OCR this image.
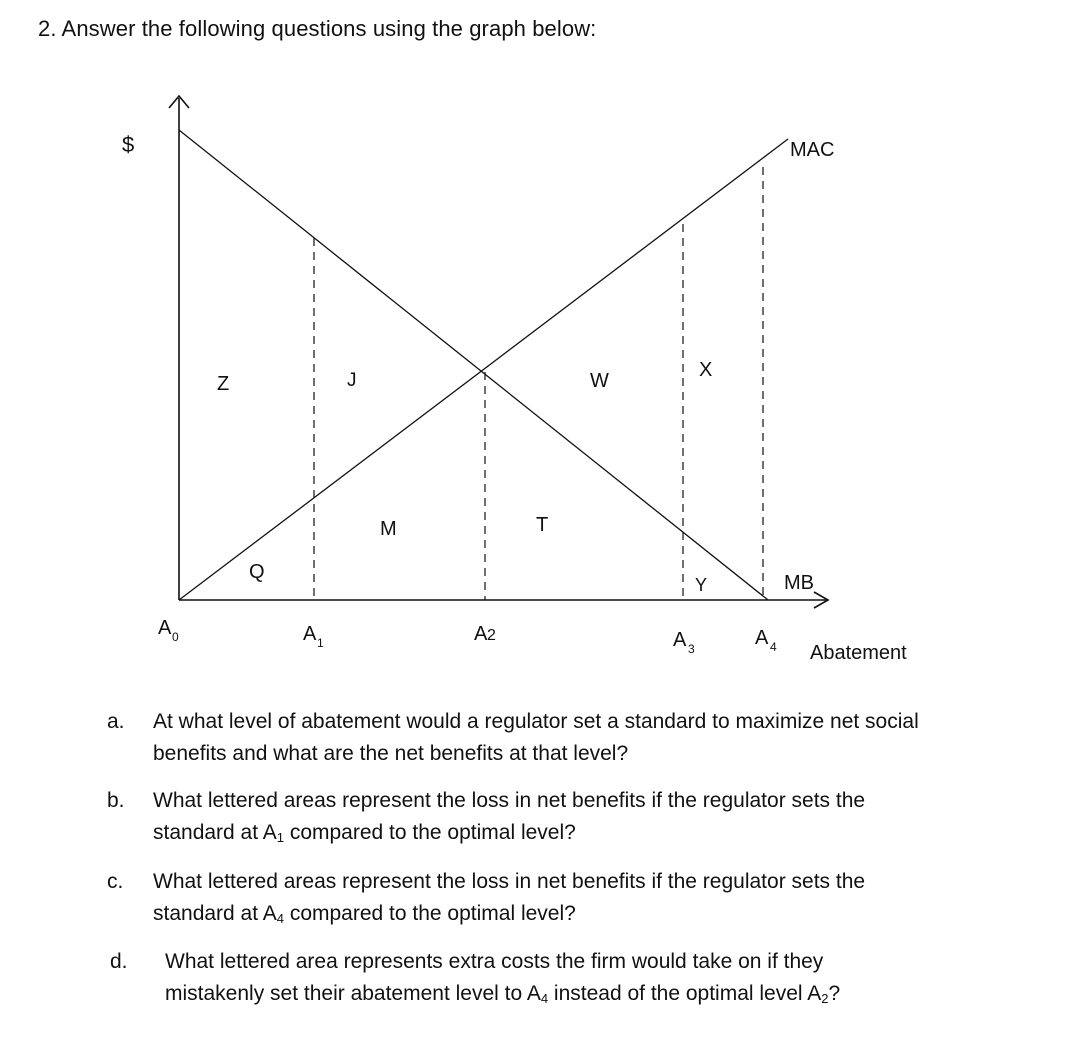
2. Answer the following questions using the graph below:
$	MAC
MB
Abatement
A 0	A 1	A 2	A 3	A 4
Z	J	W	X
M	T
Q
Y
a. At what level of abatement would a regulator set a standard to maximize net social
benefits and what are the net benefits at that level?
b. What lettered areas represent the loss in net benefits if the regulator sets the
standard at $A_1$ compared to the optimal level?
c. What lettered areas represent the loss in net benefits if the regulator sets the
standard at $A_4$ compared to the optimal level?
d. What lettered area represents extra costs the firm would take on if they
mistakenly set their abatement level to $A_4$ instead of the optimal level $A_2$?
